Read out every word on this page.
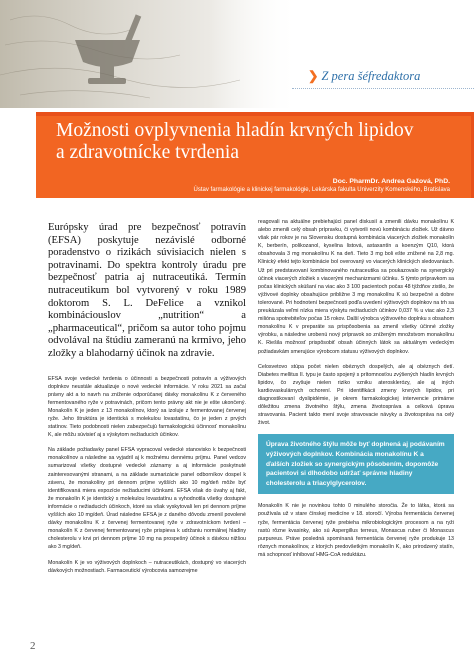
❯ Z pera šéfredaktora
Možnosti ovplyvnenia hladín krvných lipidov
a zdravotnícke tvrdenia
Doc. PharmDr. Andrea Gažová, PhD.
Ústav farmakológie a klinickej farmakológie, Lekárska fakulta Univerzity Komenského, Bratislava

Európsky úrad pre bezpečnosť potravín (EFSA) poskytuje nezávislé odborné poradenstvo o rizikách súvisiacich nielen s potravinami. Do spektra kontroly úradu pre bezpečnosť patria aj nutraceutiká. Termín nutraceutikum bol vytvorený v roku 1989 doktorom S. L. DeFelice a vznikol kombináciouslov „nutrition“ a „pharmaceutical“, pričom sa autor toho pojmu odvolával na štúdiu zameranú na krmivo, jeho zložky a blahodarný účinok na zdravie.

EFSA svoje vedecké tvrdenia o účinnosti a bezpečnosti potravín a výživových doplnkov neustále aktualizuje o nové vedecké informácie. V roku 2021 sa začal právny akt a to navrh na zníženie odporúčanej dávky monakolínu K z červeného fermentovaného ryže v potravinách, pričom tento právny akt nie je ešte ukončený. Monakolín K je jeden z 13 monakolínov, ktorý sa izoluje z fermentovanej červenej ryže. Jeho štruktúra je identická s molekulou lovastatínu, čo je jeden z prvých statínov. Tieto podobnosti nielen zabezpečujú farmakologickú účinnosť monakolínu K, ale môžu súvisieť aj s výskytom nežiaducich účinkov.

Na základe požiadavky panel EFSA vypracoval vedecké stanovisko k bezpečnosti monakolínov a následne sa vyjadril aj k možnému dennému príjmu. Panel vedcov sumarizoval všetky dostupné vedecké záznamy a aj informácie poskytnuté zainteresovanými stranami, a na základe sumarizácie panel odborníkov dospel k záveru, že monakolíny pri dennom príjme vyšších ako 10 mg/deň môže byť identifikovaná miera expozície nežiaducimi účinkami. EFSA však do úvahy aj fakt, že monakolín K je identický s molekulou lovastatínu a vyhodnotila všetky dostupné informácie o nežiaducich účinkoch, ktoré sa však vyskytovali len pri dennom príjme vyšších ako 10 mg/deň. Úrad následne EFSA je z daného dôvodu zmenil povolené dávky monakolínu K z červenej fermentovanej ryže v zdravotníckom tvrdení – monakolín K z červenej fermentovanej ryže prispieva k udržaniu normálnej hladiny cholesterolu v krvi pri dennom príjme 10 mg na prospešný účinok s dávkou nižšou ako 3 mg/deň.

Monakolín K je vo výživových doplnkoch – nutraceutikách, dostupný vo viacerých dávkových možnostiach. Farmaceutickí výrobcovia samozrejme

reagovali na aktuálne prebiehajúci panel diskusií a zmenili dávku monakolínu K alebo zmenili celý obsah prípravku, či vytvorili novú kombináciu zložiek. Už dávno však pár rokov je na Slovensku dostupná kombinácia viacerých zložiek monakolín K, berberín, polikozanol, kyselina listová, astaxantín a koenzým Q10, ktorá obsahovala 3 mg monakolínu K na deň. Tieto 3 mg boli ešte znížené na 2,8 mg. Klinický efekt tejto kombinácie bol overovaný vo viacerých klinických sledovaniach. Už pri predstavovaní kombinovaného nutraceutika sa poukazovalo na synergický účinok viacerých zložiek s viacerými mechanizmami účinku. S týmto prípravkom sa počas klinických skúšaní na viac ako 3 100 pacientoch počas 48 týždňov zistilo, že výživové doplnky obsahujúce približne 3 mg monakolínu K sú bezpečné a dobre tolerované. Pri hodnotení bezpečnosti podľa uvedení výživových doplnkov na trh sa preukázala veľmi nízka miera výskytu nežiaducich účinkov 0,037 % u viac ako 2,3 milióna spotrebiteľov počas 15 rokov. Další výrobca výživového doplnku s obsahom monakolínu K v preparáte sa prispôsobenia sa zmenil všetky účinné zložky výrobku, a následne urobenú nový prípravok so zníženým množstvom monakolínu K. Riešila možnosť prispôsobiť obsah účinných látok sa aktuálnym vedeckým požiadavkám smerujúce výrobcom statusu výživových doplnkov.

Celosvetovo stúpa počet nielen obéznych dospelých, ale aj obéznych detí. Diabetes mellitus II. typu je často spojený s prítomnosťou zvýšených hladín krvných lipidov, čo zvyšuje nielen riziko vzniku aterosklerózy, ale aj iných kardiovaskulárnych ochorení. Pri identifikácii zmeny krvných lipidov, pri diagnostikovaní dyslipidémie, je okrem farmakologickej intervencie primárne dôležitou zmena životného štýlu, zmena životospráva a celková úprava stravovania. Pacient takto mení svoje stravovacie návyky a životospráva na celý život.

Úprava životného štýlu môže byť doplnená aj podávaním výživových doplnkov. Kombinácia monakolínu K a ďalších zložiek so synergickým pôsobením, dopomôže pacientovi si dlhodobo udržať správne hladiny cholesterolu a triacylglycerolov.

Monakolín K nie je novinkou tohto 0 minulého storočia. Že to látka, ktorá sa používala už v stare čínskej medicíne v 18. storočí. Výroba fermentácia červenej ryže, fermentácia červenej ryže prebieha mikrobiologickým procesom a na ryži rastú rôzne kvasinky, ako sú Aspergillus terreus, Monascus ruber či Monascus purpureus. Práve posledná spomínaná fermentácia červenej ryže produkuje 13 rôznych monakolínov, z ktorých predovšetkým monakolín K, ako prirodzený statín, má schopnosť inhibovať HMG-CoA reduktázu.

2
